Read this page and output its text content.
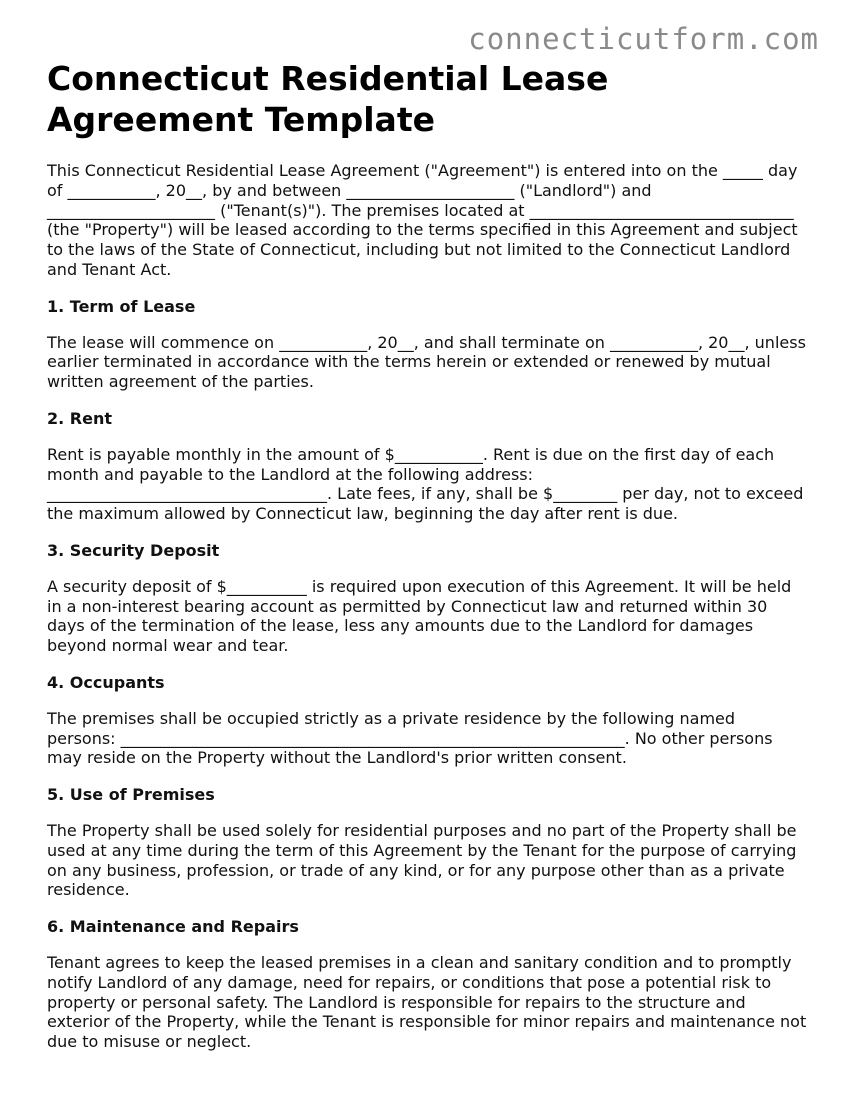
connecticutform.com
Connecticut Residential Lease Agreement Template

This Connecticut Residential Lease Agreement ("Agreement") is entered into on the _____ day of ___________, 20__, by and between _____________________ ("Landlord") and _____________________ ("Tenant(s)"). The premises located at _________________________________ (the "Property") will be leased according to the terms specified in this Agreement and subject to the laws of the State of Connecticut, including but not limited to the Connecticut Landlord and Tenant Act.

1. Term of Lease

The lease will commence on ___________, 20__, and shall terminate on ___________, 20__, unless earlier terminated in accordance with the terms herein or extended or renewed by mutual written agreement of the parties.

2. Rent

Rent is payable monthly in the amount of $___________. Rent is due on the first day of each month and payable to the Landlord at the following address: ___________________________________. Late fees, if any, shall be $________ per day, not to exceed the maximum allowed by Connecticut law, beginning the day after rent is due.

3. Security Deposit

A security deposit of $__________ is required upon execution of this Agreement. It will be held in a non-interest bearing account as permitted by Connecticut law and returned within 30 days of the termination of the lease, less any amounts due to the Landlord for damages beyond normal wear and tear.

4. Occupants

The premises shall be occupied strictly as a private residence by the following named persons: _______________________________________________________________. No other persons may reside on the Property without the Landlord's prior written consent.

5. Use of Premises

The Property shall be used solely for residential purposes and no part of the Property shall be used at any time during the term of this Agreement by the Tenant for the purpose of carrying on any business, profession, or trade of any kind, or for any purpose other than as a private residence.

6. Maintenance and Repairs

Tenant agrees to keep the leased premises in a clean and sanitary condition and to promptly notify Landlord of any damage, need for repairs, or conditions that pose a potential risk to property or personal safety. The Landlord is responsible for repairs to the structure and exterior of the Property, while the Tenant is responsible for minor repairs and maintenance not due to misuse or neglect.
